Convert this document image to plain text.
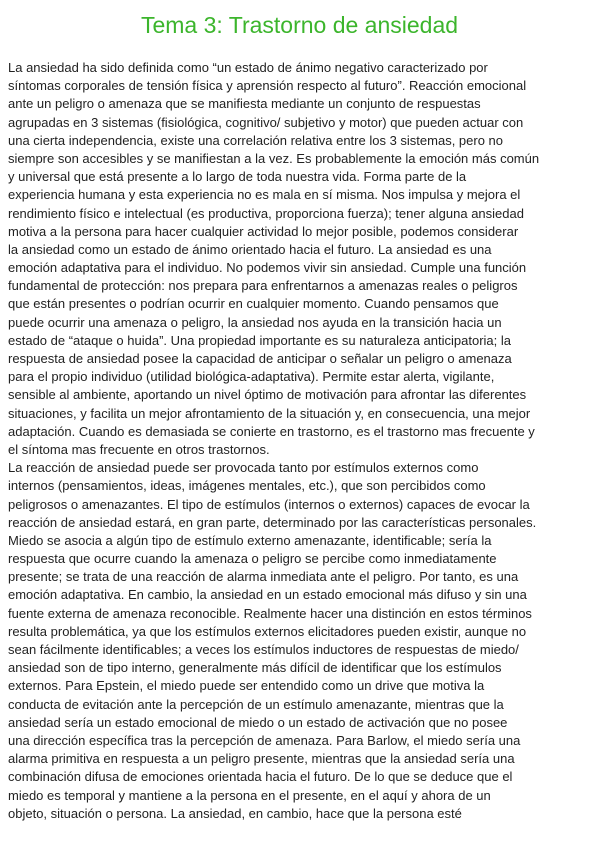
Tema 3: Trastorno de ansiedad
La ansiedad ha sido definida como “un estado de ánimo negativo caracterizado por
síntomas corporales de tensión física y aprensión respecto al futuro”. Reacción emocional
ante un peligro o amenaza que se manifiesta mediante un conjunto de respuestas
agrupadas en 3 sistemas (fisiológica, cognitivo/ subjetivo y motor) que pueden actuar con
una cierta independencia, existe una correlación relativa entre los 3 sistemas, pero no
siempre son accesibles y se manifiestan a la vez. Es probablemente la emoción más común
y universal que está presente a lo largo de toda nuestra vida. Forma parte de la
experiencia humana y esta experiencia no es mala en sí misma. Nos impulsa y mejora el
rendimiento físico e intelectual (es productiva, proporciona fuerza); tener alguna ansiedad
motiva a la persona para hacer cualquier actividad lo mejor posible, podemos considerar
la ansiedad como un estado de ánimo orientado hacia el futuro. La ansiedad es una
emoción adaptativa para el individuo. No podemos vivir sin ansiedad. Cumple una función
fundamental de protección: nos prepara para enfrentarnos a amenazas reales o peligros
que están presentes o podrían ocurrir en cualquier momento. Cuando pensamos que
puede ocurrir una amenaza o peligro, la ansiedad nos ayuda en la transición hacia un
estado de “ataque o huida”. Una propiedad importante es su naturaleza anticipatoria; la
respuesta de ansiedad posee la capacidad de anticipar o señalar un peligro o amenaza
para el propio individuo (utilidad biológica-adaptativa). Permite estar alerta, vigilante,
sensible al ambiente, aportando un nivel óptimo de motivación para afrontar las diferentes
situaciones, y facilita un mejor afrontamiento de la situación y, en consecuencia, una mejor
adaptación. Cuando es demasiada se conierte en trastorno, es el trastorno mas frecuente y
el síntoma mas frecuente en otros trastornos.
La reacción de ansiedad puede ser provocada tanto por estímulos externos como
internos (pensamientos, ideas, imágenes mentales, etc.), que son percibidos como
peligrosos o amenazantes. El tipo de estímulos (internos o externos) capaces de evocar la
reacción de ansiedad estará, en gran parte, determinado por las características personales.
Miedo se asocia a algún tipo de estímulo externo amenazante, identificable; sería la
respuesta que ocurre cuando la amenaza o peligro se percibe como inmediatamente
presente; se trata de una reacción de alarma inmediata ante el peligro. Por tanto, es una
emoción adaptativa. En cambio, la ansiedad en un estado emocional más difuso y sin una
fuente externa de amenaza reconocible. Realmente hacer una distinción en estos términos
resulta problemática, ya que los estímulos externos elicitadores pueden existir, aunque no
sean fácilmente identificables; a veces los estímulos inductores de respuestas de miedo/
ansiedad son de tipo interno, generalmente más difícil de identificar que los estímulos
externos. Para Epstein, el miedo puede ser entendido como un drive que motiva la
conducta de evitación ante la percepción de un estímulo amenazante, mientras que la
ansiedad sería un estado emocional de miedo o un estado de activación que no posee
una dirección específica tras la percepción de amenaza. Para Barlow, el miedo sería una
alarma primitiva en respuesta a un peligro presente, mientras que la ansiedad sería una
combinación difusa de emociones orientada hacia el futuro. De lo que se deduce que el
miedo es temporal y mantiene a la persona en el presente, en el aquí y ahora de un
objeto, situación o persona. La ansiedad, en cambio, hace que la persona esté
